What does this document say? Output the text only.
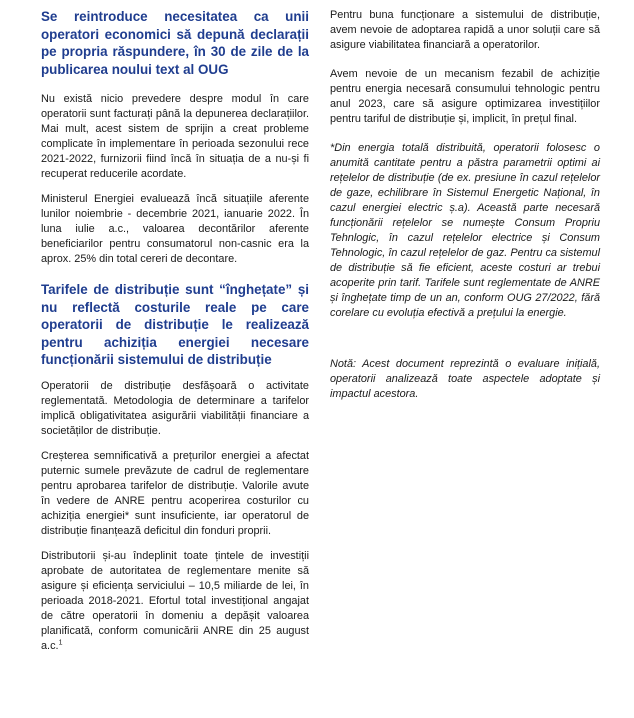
Se reintroduce necesitatea ca unii operatori economici să depună declarații pe propria răspundere, în 30 de zile de la publicarea noului text al OUG

Nu există nicio prevedere despre modul în care operatorii sunt facturați până la depunerea declarațiilor. Mai mult, acest sistem de sprijin a creat probleme complicate în implementare în perioada sezonului rece 2021-2022, furnizorii fiind încă în situația de a nu-și fi recuperat reducerile acordate.

Ministerul Energiei evaluează încă situațiile aferente lunilor noiembrie - decembrie 2021, ianuarie 2022. În luna iulie a.c., valoarea decontărilor aferente beneficiarilor pentru consumatorul non-casnic era la aprox. 25% din total cereri de decontare.

Tarifele de distribuție sunt “înghețate” și nu reflectă costurile reale pe care operatorii de distribuție le realizează pentru achiziția energiei necesare funcționării sistemului de distribuție

Operatorii de distribuție desfășoară o activitate reglementată. Metodologia de determinare a tarifelor implică obligativitatea asigurării viabilității financiare a societăților de distribuție.

Creșterea semnificativă a prețurilor energiei a afectat puternic sumele prevăzute de cadrul de reglementare pentru aprobarea tarifelor de distribuție. Valorile avute în vedere de ANRE pentru acoperirea costurilor cu achiziția energiei* sunt insuficiente, iar operatorul de distribuție finanțează deficitul din fonduri proprii.

Distributorii și-au îndeplinit toate țintele de investiții aprobate de autoritatea de reglementare menite să asigure și eficiența serviciului – 10,5 miliarde de lei, în perioada 2018-2021. Efortul total investițional angajat de către operatorii în domeniu a depășit valoarea planificată, conform comunicării ANRE din 25 august a.c.$^1$

Pentru buna funcționare a sistemului de distribuție, avem nevoie de adoptarea rapidă a unor soluții care să asigure viabilitatea financiară a operatorilor.

Avem nevoie de un mecanism fezabil de achiziție pentru energia necesară consumului tehnologic pentru anul 2023, care să asigure optimizarea investițiilor pentru tariful de distribuție și, implicit, în prețul final.

*Din energia totală distribuită, operatorii folosesc o anumită cantitate pentru a păstra parametrii optimi ai rețelelor de distribuție (de ex. presiune în cazul rețelelor de gaze, echilibrare în Sistemul Energetic Național, în cazul energiei electric ș.a). Această parte necesară funcționării rețelelor se numește Consum Propriu Tehnlogic, în cazul rețelelor electrice și Consum Tehnologic, în cazul rețelelor de gaz. Pentru ca sistemul de distribuție să fie eficient, aceste costuri ar trebui acoperite prin tarif. Tarifele sunt reglementate de ANRE și înghețate timp de un an, conform OUG 27/2022, fără corelare cu evoluția efectivă a prețului la energie.

Notă: Acest document reprezintă o evaluare inițială, operatorii analizează toate aspectele adoptate și impactul acestora.
